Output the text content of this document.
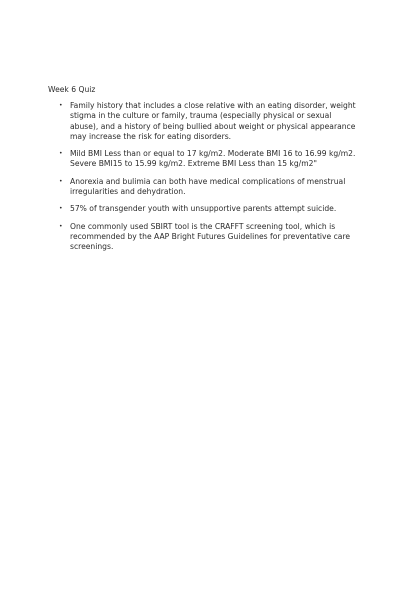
Week 6 Quiz
• Family history that includes a close relative with an eating disorder, weight stigma in the culture or family, trauma (especially physical or sexual abuse), and a history of being bullied about weight or physical appearance may increase the risk for eating disorders.
• Mild BMI Less than or equal to 17 kg/m2. Moderate BMI 16 to 16.99 kg/m2. Severe BMI15 to 15.99 kg/m2. Extreme BMI Less than 15 kg/m2"
• Anorexia and bulimia can both have medical complications of menstrual irregularities and dehydration.
• 57% of transgender youth with unsupportive parents attempt suicide.
• One commonly used SBIRT tool is the CRAFFT screening tool, which is recommended by the AAP Bright Futures Guidelines for preventative care screenings.
